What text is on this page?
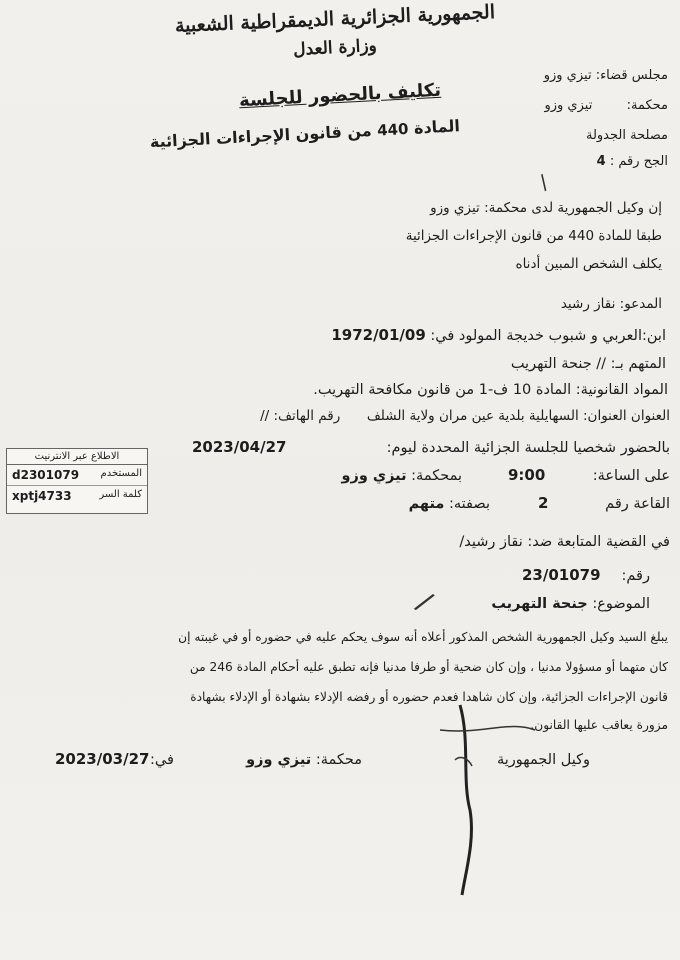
الجمهورية الجزائرية الديمقراطية الشعبية
وزارة العدل
تكليف بالحضور للجلسة
المادة 440 من قانون الإجراءات الجزائية
مجلس قضاء: تيزي وزو
محكمة:  تيزي وزو
مصلحة الجدولة
الجح رقم : 4
إن وكيل الجمهورية لدى محكمة: تيزي وزو
طبقا للمادة 440 من قانون الإجراءات الجزائية
يكلف الشخص المبين أدناه
المدعو: نقاز رشيد
ابن:العربي و شبوب خديجة المولود في: 1972/01/09
المتهم بـ: // جنحة التهريب
المواد القانونية: المادة 10 ف-1 من قانون مكافحة التهريب.
العنوان العنوان: السهايلية بلدية عين مران ولاية الشلف  رقم الهاتف: //
بالحضور شخصيا للجلسة الجزائية المحددة ليوم:
2023/04/27
على الساعة:
9:00
بمحكمة: تيزي وزو
القاعة رقم
2
بصفته: متهم
في القضية المتابعة ضد: نقاز رشيد/
رقم:
23/01079
الموضوع: جنحة التهريب
يبلغ السيد وكيل الجمهورية الشخص المذكور أعلاه أنه سوف يحكم عليه في حضوره أو في غيبته إن
كان متهما أو مسؤولا مدنيا ، وإن كان ضحية أو طرفا مدنيا فإنه تطبق عليه أحكام المادة 246 من
قانون الإجراءات الجزائية، وإن كان شاهدا فعدم حضوره أو رفضه الإدلاء بشهادة أو الإدلاء بشهادة
مزورة يعاقب عليها القانون.
وكيل الجمهورية
محكمة: تيزي وزو
في:
2023/03/27
/
/
الاطلاع عبر الانترنيت
d2301079 المستخدم
xptj4733	كلمة السر
